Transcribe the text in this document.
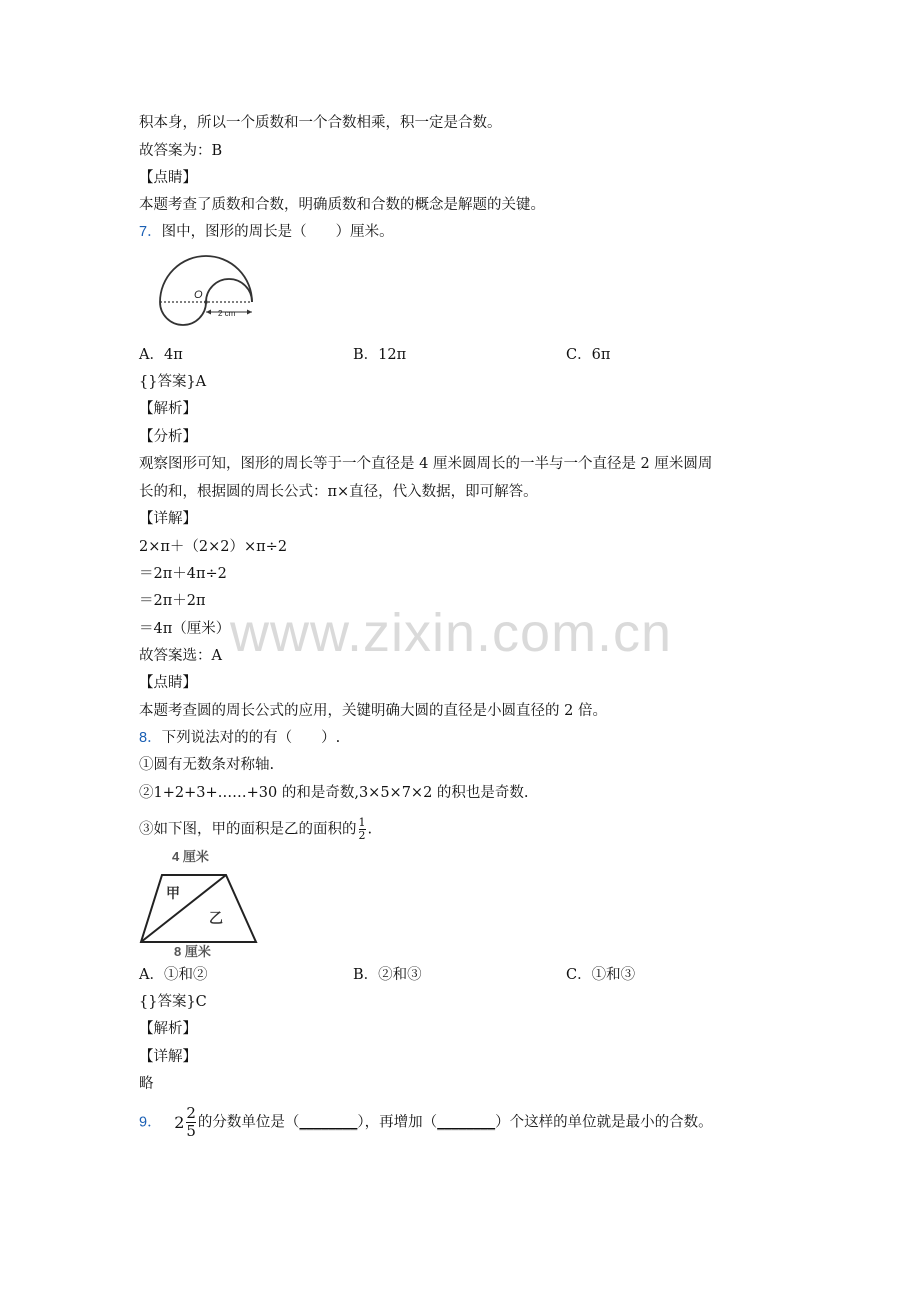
积本身，所以一个质数和一个合数相乘，积一定是合数。
故答案为：B
【点睛】
本题考查了质数和合数，明确质数和合数的概念是解题的关键。
7．图中，图形的周长是（　　）厘米。
O
2 cm
A．4π	B．12π	C．6π
{}答案}A
【解析】
【分析】
观察图形可知，图形的周长等于一个直径是 4 厘米圆周长的一半与一个直径是 2 厘米圆周
长的和，根据圆的周长公式：π×直径，代入数据，即可解答。
【详解】
2×π＋（2×2）×π÷2
＝2π＋4π÷2
＝2π＋2π
＝4π（厘米）
故答案选：A
【点睛】
本题考查圆的周长公式的应用，关键明确大圆的直径是小圆直径的 2 倍。
8．下列说法对的的有（　　）.
①圆有无数条对称轴.
②1+2+3+……+30 的和是奇数,3×5×7×2 的积也是奇数.
③如下图，甲的面积是乙的面积的 $\frac{1}{2}$ .
4 厘米
甲
乙
8 厘米
A．①和②	B．②和③	C．①和③
{}答案}C
【解析】
【详解】
略
9． $2 \frac{2}{5}$ 的分数单位是（________），再增加（________）个这样的单位就是最小的合数。
www.zixin.com.cn
